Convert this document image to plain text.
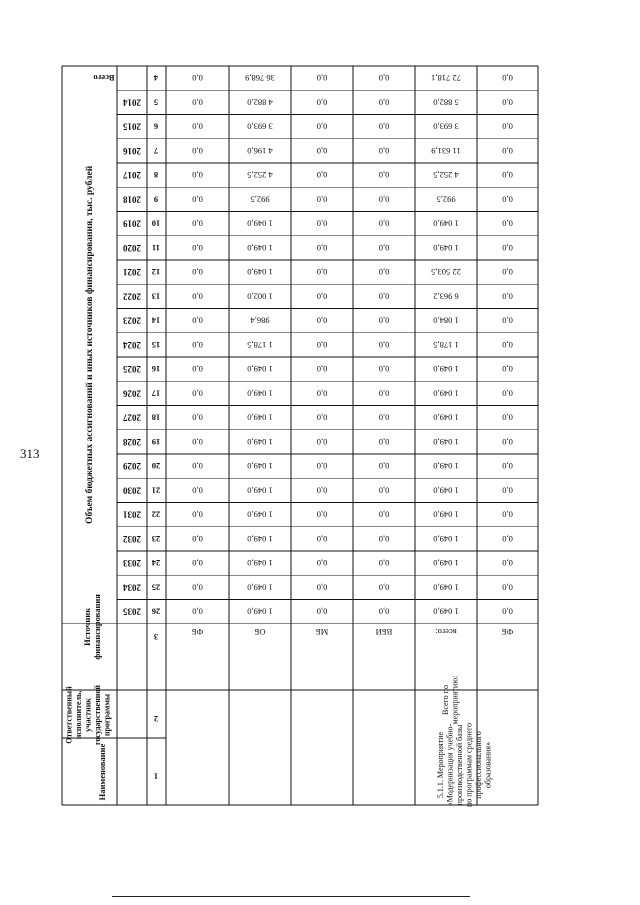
313	Объем бюджетных ассигнований и иных источников финансирования, тыс. рублей
Всего
2014
2015
2016
2017
2018
2019
2020
2021
2022
2023
2024
2025
2026
2027
2028
2029
2030
2031
2032
2033
2034
2035
4
5
6
7
8
9
10
11
12
13
14
15
16
17
18
19
20
21
22
23
24
25
26
3
2
1
Источник финансирования
Ответственный исполнитель, участник государственной программы
Наименование
ФБ
0,0
0,0
0,0
0,0
0,0
0,0
0,0
0,0
0,0
0,0
0,0
0,0
0,0
0,0
0,0
0,0
0,0
0,0
0,0
0,0
0,0
0,0
0,0
ОБ
36 768,9
4 882,0
3 693,0
4 196,0
4 252,5
992,5
1 049,0
1 049,0
1 049,0
1 002,0
986,4
1 178,5
1 049,0
1 049,0
1 049,0
1 049,0
1 049,0
1 049,0
1 049,0
1 049,0
1 049,0
1 049,0
1 049,0
МБ
0,0
0,0
0,0
0,0
0,0
0,0
0,0
0,0
0,0
0,0
0,0
0,0
0,0
0,0
0,0
0,0
0,0
0,0
0,0
0,0
0,0
0,0
0,0
ВБИ
0,0
0,0
0,0
0,0
0,0
0,0
0,0
0,0
0,0
0,0
0,0
0,0
0,0
0,0
0,0
0,0
0,0
0,0
0,0
0,0
0,0
0,0
0,0
всего:
72 718,1
5 882,0
3 693,0
11 631,9
4 252,5
992,5
1 049,0
1 049,0
22 503,5
6 963,2
1 084,0
1 178,5
1 049,0
1 049,0
1 049,0
1 049,0
1 049,0
1 049,0
1 049,0
1 049,0
1 049,0
1 049,0
1 049,0
ФБ
0,0
0,0
0,0
0,0
0,0
0,0
0,0
0,0
0,0
0,0
0,0
0,0
0,0
0,0
0,0
0,0
0,0
0,0
0,0
0,0
0,0
0,0
0,0
5.1.1. Мероприятие «Модернизация учебно- производственной базы по программам среднего профессионального образования»
Всего по мероприятию:
